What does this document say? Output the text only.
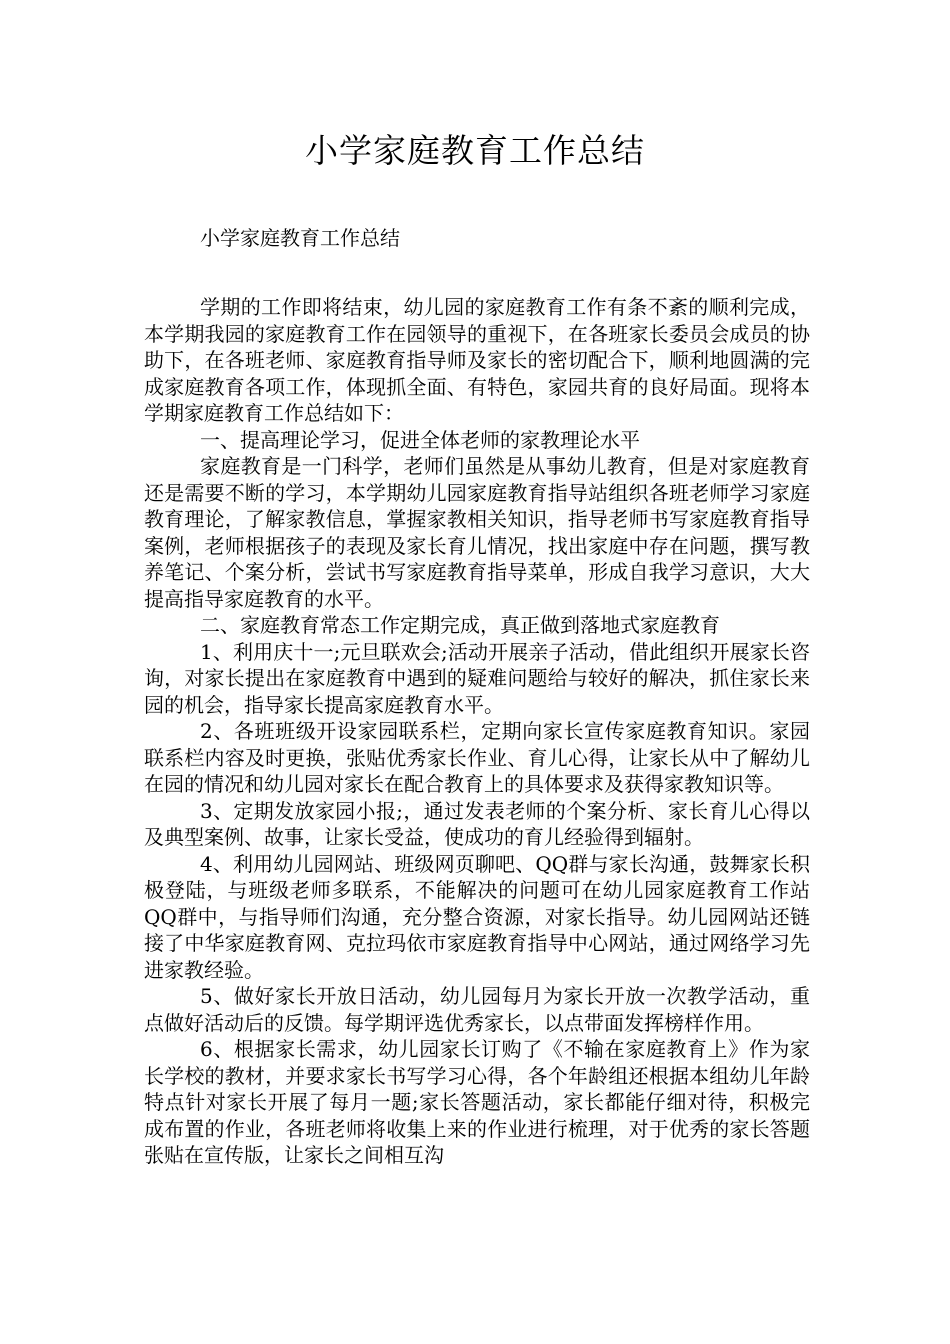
小学家庭教育工作总结
小学家庭教育工作总结

学期的工作即将结束，幼儿园的家庭教育工作有条不紊的顺利完成，本学期我园的家庭教育工作在园领导的重视下，在各班家长委员会成员的协助下，在各班老师、家庭教育指导师及家长的密切配合下，顺利地圆满的完成家庭教育各项工作，体现抓全面、有特色，家园共育的良好局面。现将本学期家庭教育工作总结如下：

一、提高理论学习，促进全体老师的家教理论水平

家庭教育是一门科学，老师们虽然是从事幼儿教育，但是对家庭教育还是需要不断的学习，本学期幼儿园家庭教育指导站组织各班老师学习家庭教育理论，了解家教信息，掌握家教相关知识，指导老师书写家庭教育指导案例，老师根据孩子的表现及家长育儿情况，找出家庭中存在问题，撰写教养笔记、个案分析，尝试书写家庭教育指导菜单，形成自我学习意识，大大提高指导家庭教育的水平。

二、家庭教育常态工作定期完成，真正做到落地式家庭教育

1、利用庆十一;元旦联欢会;活动开展亲子活动，借此组织开展家长咨询，对家长提出在家庭教育中遇到的疑难问题给与较好的解决，抓住家长来园的机会，指导家长提高家庭教育水平。

2、各班班级开设家园联系栏，定期向家长宣传家庭教育知识。家园联系栏内容及时更换，张贴优秀家长作业、育儿心得，让家长从中了解幼儿在园的情况和幼儿园对家长在配合教育上的具体要求及获得家教知识等。

3、定期发放家园小报;，通过发表老师的个案分析、家长育儿心得以及典型案例、故事，让家长受益，使成功的育儿经验得到辐射。

4、利用幼儿园网站、班级网页聊吧、QQ群与家长沟通，鼓舞家长积极登陆，与班级老师多联系，不能解决的问题可在幼儿园家庭教育工作站QQ群中，与指导师们沟通，充分整合资源，对家长指导。幼儿园网站还链接了中华家庭教育网、克拉玛依市家庭教育指导中心网站，通过网络学习先进家教经验。

5、做好家长开放日活动，幼儿园每月为家长开放一次教学活动，重点做好活动后的反馈。每学期评选优秀家长，以点带面发挥榜样作用。

6、根据家长需求，幼儿园家长订购了《不输在家庭教育上》作为家长学校的教材，并要求家长书写学习心得，各个年龄组还根据本组幼儿年龄特点针对家长开展了每月一题;家长答题活动，家长都能仔细对待，积极完成布置的作业，各班老师将收集上来的作业进行梳理，对于优秀的家长答题张贴在宣传版，让家长之间相互沟
